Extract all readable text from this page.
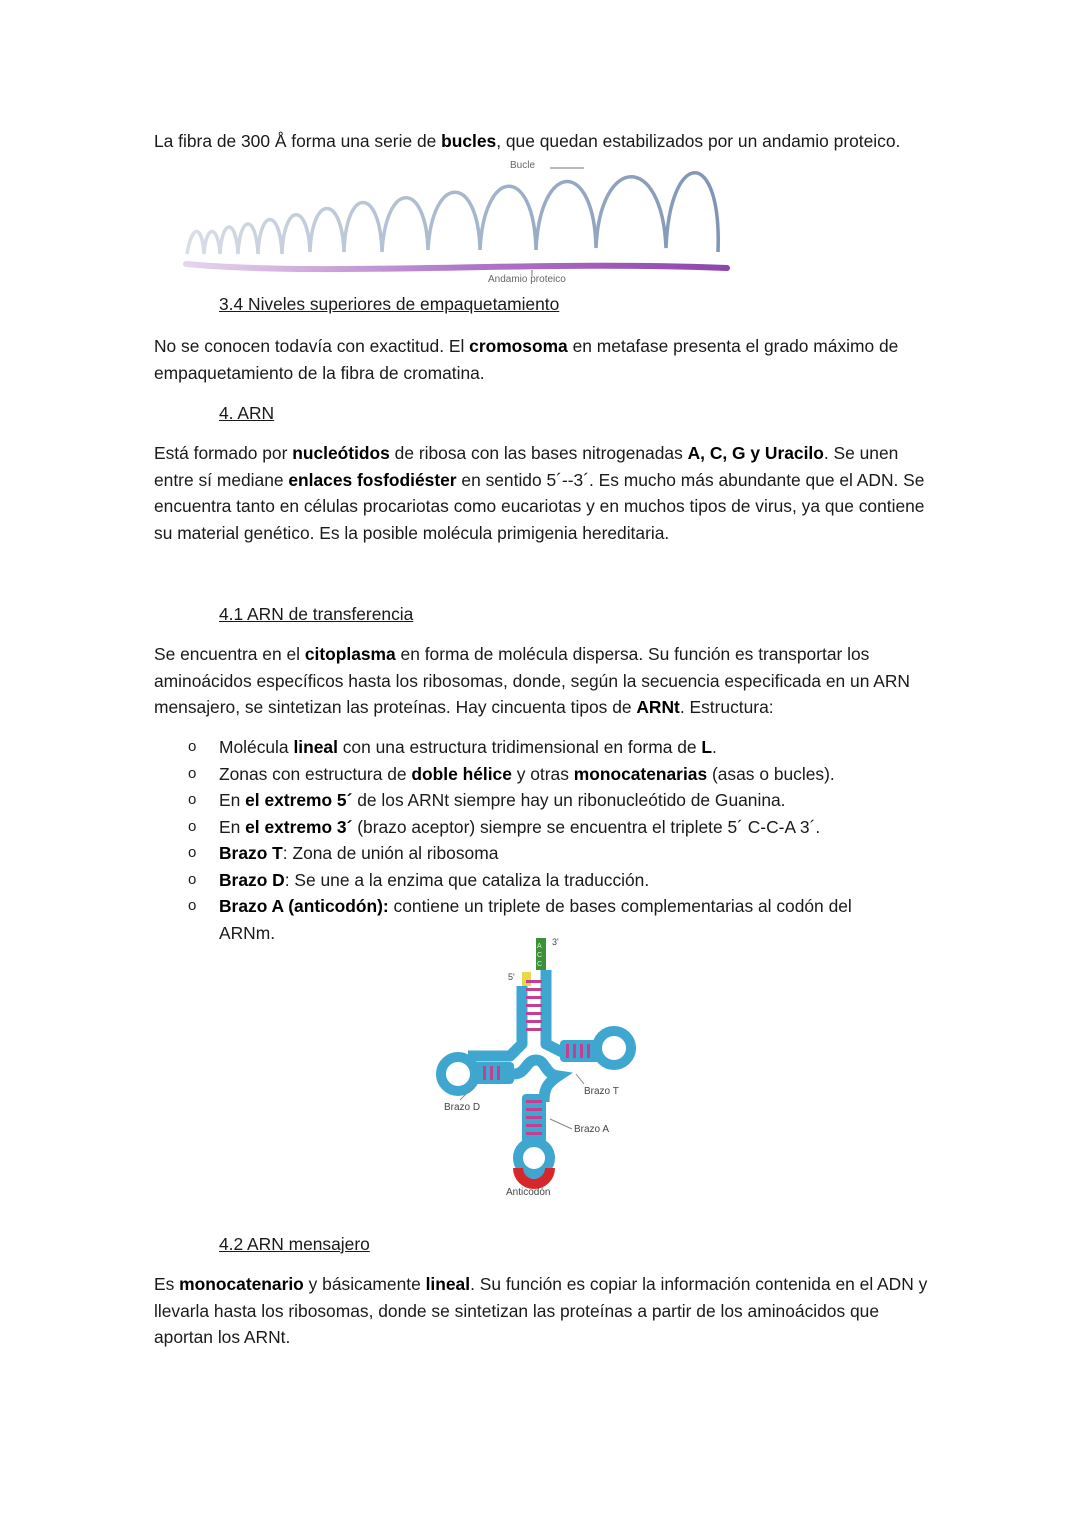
La fibra de 300 Å forma una serie de bucles, que quedan estabilizados por un andamio proteico.

Bucle
Andamio proteico
3.4 Niveles superiores de empaquetamiento

No se conocen todavía con exactitud. El cromosoma en metafase presenta el grado máximo de empaquetamiento de la fibra de cromatina.

4. ARN

Está formado por nucleótidos de ribosa con las bases nitrogenadas A, C, G y Uracilo. Se unen entre sí mediane enlaces fosfodiéster en sentido 5´--3´. Es mucho más abundante que el ADN. Se encuentra tanto en células procariotas como eucariotas y en muchos tipos de virus, ya que contiene su material genético. Es la posible molécula primigenia hereditaria.

4.1 ARN de transferencia

Se encuentra en el citoplasma en forma de molécula dispersa. Su función es transportar los aminoácidos específicos hasta los ribosomas, donde, según la secuencia especificada en un ARN mensajero, se sintetizan las proteínas. Hay cincuenta tipos de ARNt. Estructura:

o Molécula lineal con una estructura tridimensional en forma de L.
o Zonas con estructura de doble hélice y otras monocatenarias (asas o bucles).
o En el extremo 5´ de los ARNt siempre hay un ribonucleótido de Guanina.
o En el extremo 3´ (brazo aceptor) siempre se encuentra el triplete 5´ C-C-A 3´.
o Brazo T: Zona de unión al ribosoma
o Brazo D: Se une a la enzima que cataliza la traducción.
o Brazo A (anticodón): contiene un triplete de bases complementarias al codón del ARNm.
A
C
C
3'
5'
Brazo T
Brazo D
Brazo A
Anticodón
4.2 ARN mensajero

Es monocatenario y básicamente lineal. Su función es copiar la información contenida en el ADN y llevarla hasta los ribosomas, donde se sintetizan las proteínas a partir de los aminoácidos que aportan los ARNt.
